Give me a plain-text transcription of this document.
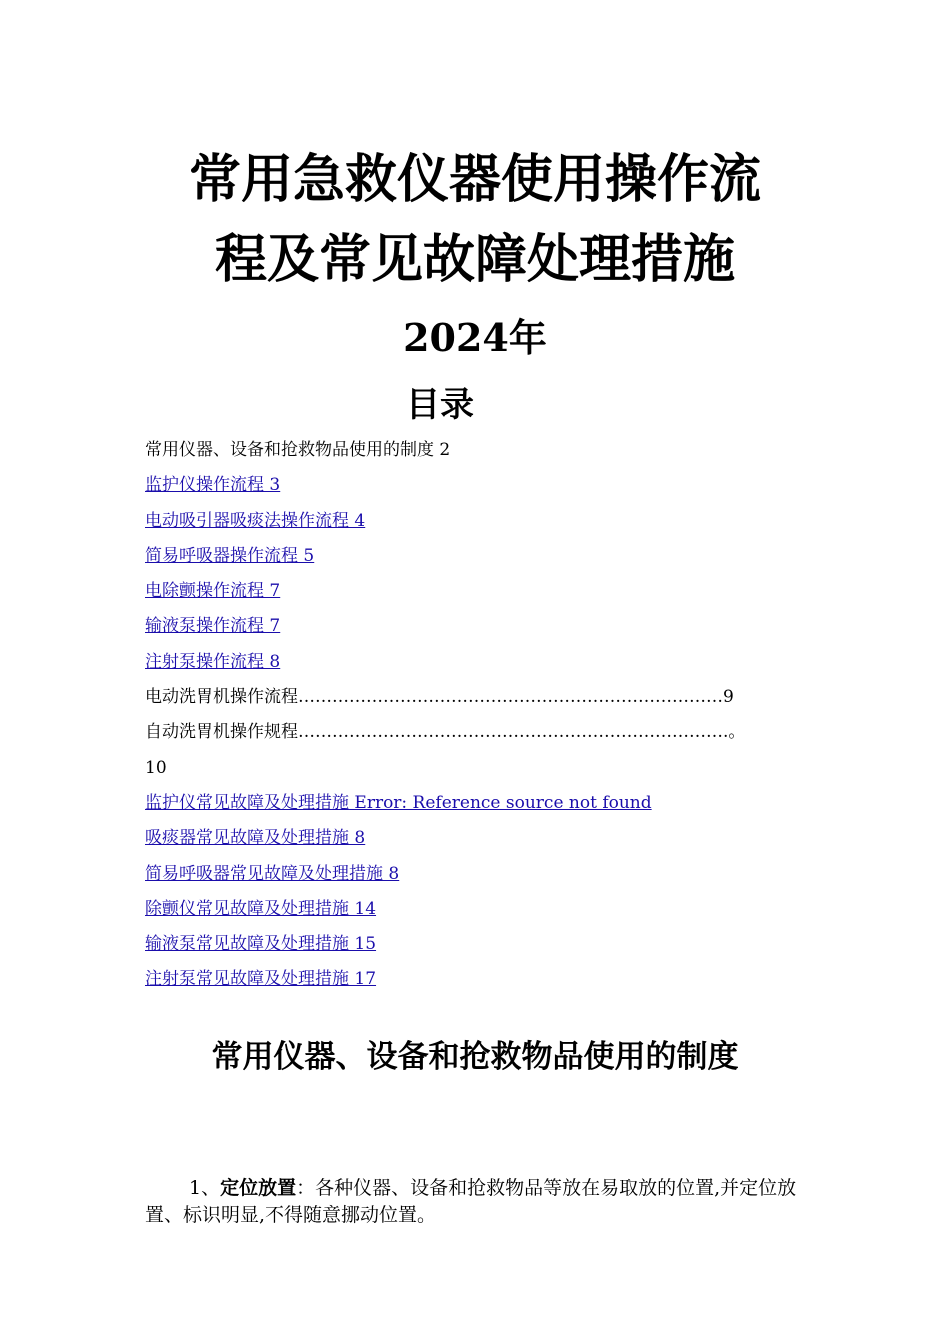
常用急救仪器使用操作流
程及常见故障处理措施
2024年
目录
常用仪器、设备和抢救物品使用的制度 2
监护仪操作流程 3
电动吸引器吸痰法操作流程 4
简易呼吸器操作流程 5
电除颤操作流程 7
输液泵操作流程 7
注射泵操作流程 8
电动洗胃机操作流程…………………………………………………………………9
自动洗胃机操作规程………………………………………………………………….。
10
监护仪常见故障及处理措施 Error: Reference source not found
吸痰器常见故障及处理措施 8
简易呼吸器常见故障及处理措施 8
除颤仪常见故障及处理措施 14
输液泵常见故障及处理措施 15
注射泵常见故障及处理措施 17
常用仪器、设备和抢救物品使用的制度

1、定位放置：各种仪器、设备和抢救物品等放在易取放的位置,并定位放置、标识明显,不得随意挪动位置。
